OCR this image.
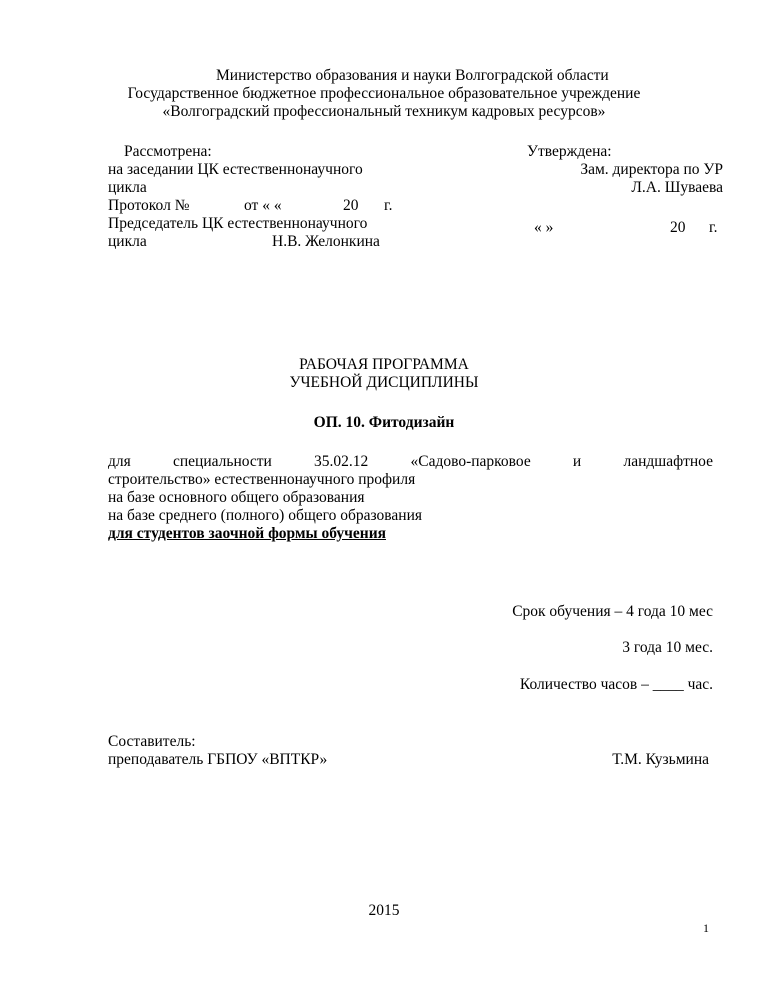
Министерство образования и науки Волгоградской области
Государственное бюджетное профессиональное образовательное учреждение
«Волгоградский профессиональный техникум кадровых ресурсов»
Рассмотрена:
на заседании ЦК естественнонаучного
цикла
Протокол №	от « «	20 г.
Председатель ЦК естественнонаучного
цикла	Н.В. Желонкина
Утверждена:
Зам. директора по УР
Л.А. Шуваева
« »	20 г.
РАБОЧАЯ ПРОГРАММА
УЧЕБНОЙ ДИСЦИПЛИНЫ
ОП. 10. Фитодизайн
для специальности 35.02.12 «Садово-парковое и ландшафтное
строительство» естественнонаучного профиля
на базе основного общего образования
на базе среднего (полного) общего образования
для студентов заочной формы обучения
Срок обучения – 4 года 10 мес
3 года 10 мес.
Количество часов – ____ час.
Составитель:
преподаватель ГБПОУ «ВПТКР»	Т.М. Кузьмина
2015
1
